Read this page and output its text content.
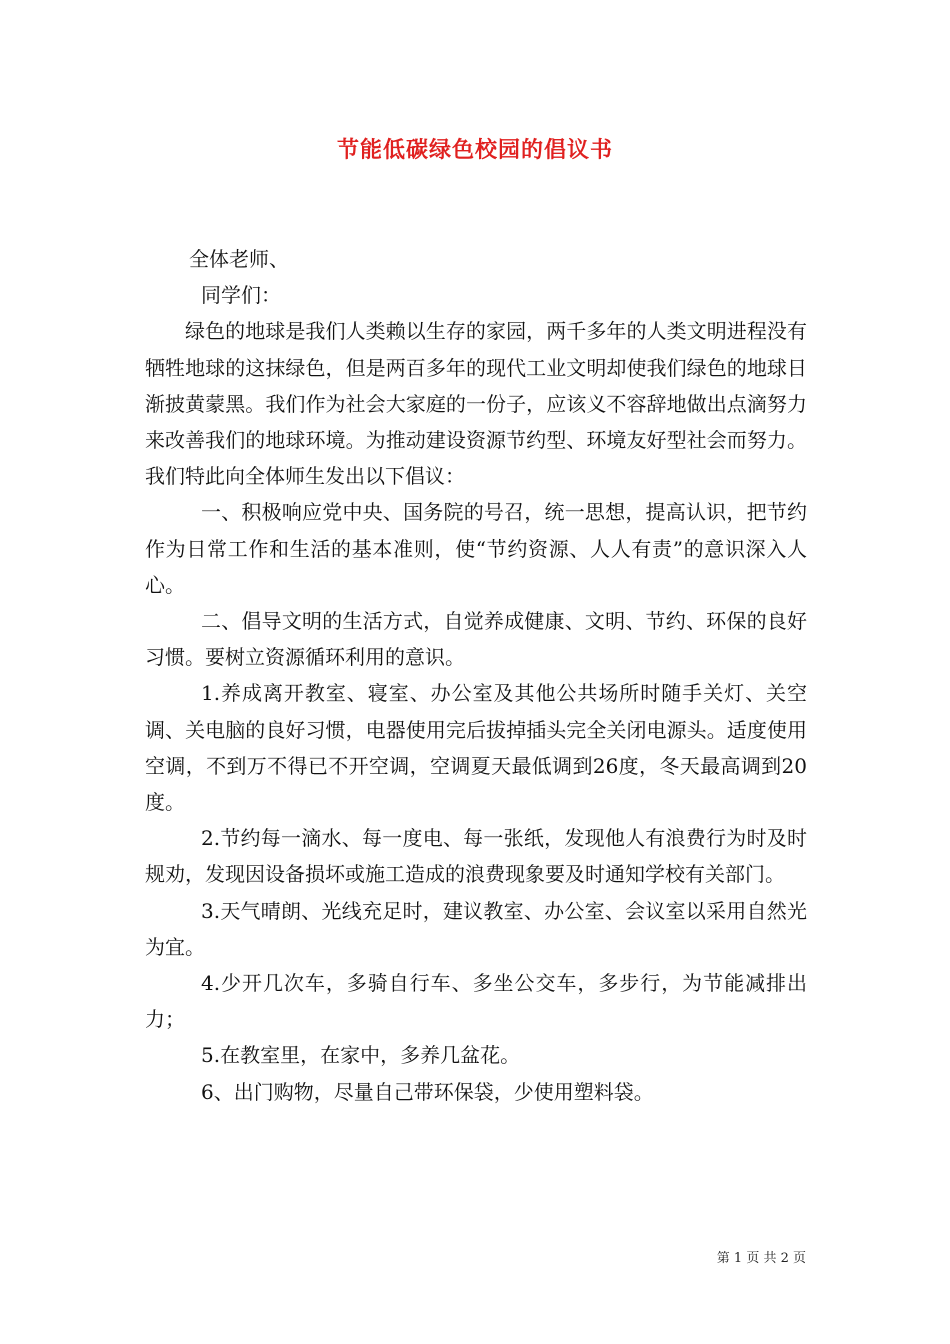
节能低碳绿色校园的倡议书

全体老师、

同学们：

绿色的地球是我们人类赖以生存的家园，两千多年的人类文明进程没有牺牲地球的这抹绿色，但是两百多年的现代工业文明却使我们绿色的地球日渐披黄蒙黑。我们作为社会大家庭的一份子，应该义不容辞地做出点滴努力来改善我们的地球环境。为推动建设资源节约型、环境友好型社会而努力。我们特此向全体师生发出以下倡议：

一、积极响应党中央、国务院的号召，统一思想，提高认识，把节约作为日常工作和生活的基本准则，使“节约资源、人人有责”的意识深入人心。

二、倡导文明的生活方式，自觉养成健康、文明、节约、环保的良好习惯。要树立资源循环利用的意识。

1.养成离开教室、寝室、办公室及其他公共场所时随手关灯、关空调、关电脑的良好习惯，电器使用完后拔掉插头完全关闭电源头。适度使用空调，不到万不得已不开空调，空调夏天最低调到26度，冬天最高调到20度。

2.节约每一滴水、每一度电、每一张纸，发现他人有浪费行为时及时规劝，发现因设备损坏或施工造成的浪费现象要及时通知学校有关部门。

3.天气晴朗、光线充足时，建议教室、办公室、会议室以采用自然光为宜。

4.少开几次车，多骑自行车、多坐公交车，多步行，为节能减排出力；

5.在教室里，在家中，多养几盆花。

6、出门购物，尽量自己带环保袋，少使用塑料袋。

第 1 页 共 2 页
